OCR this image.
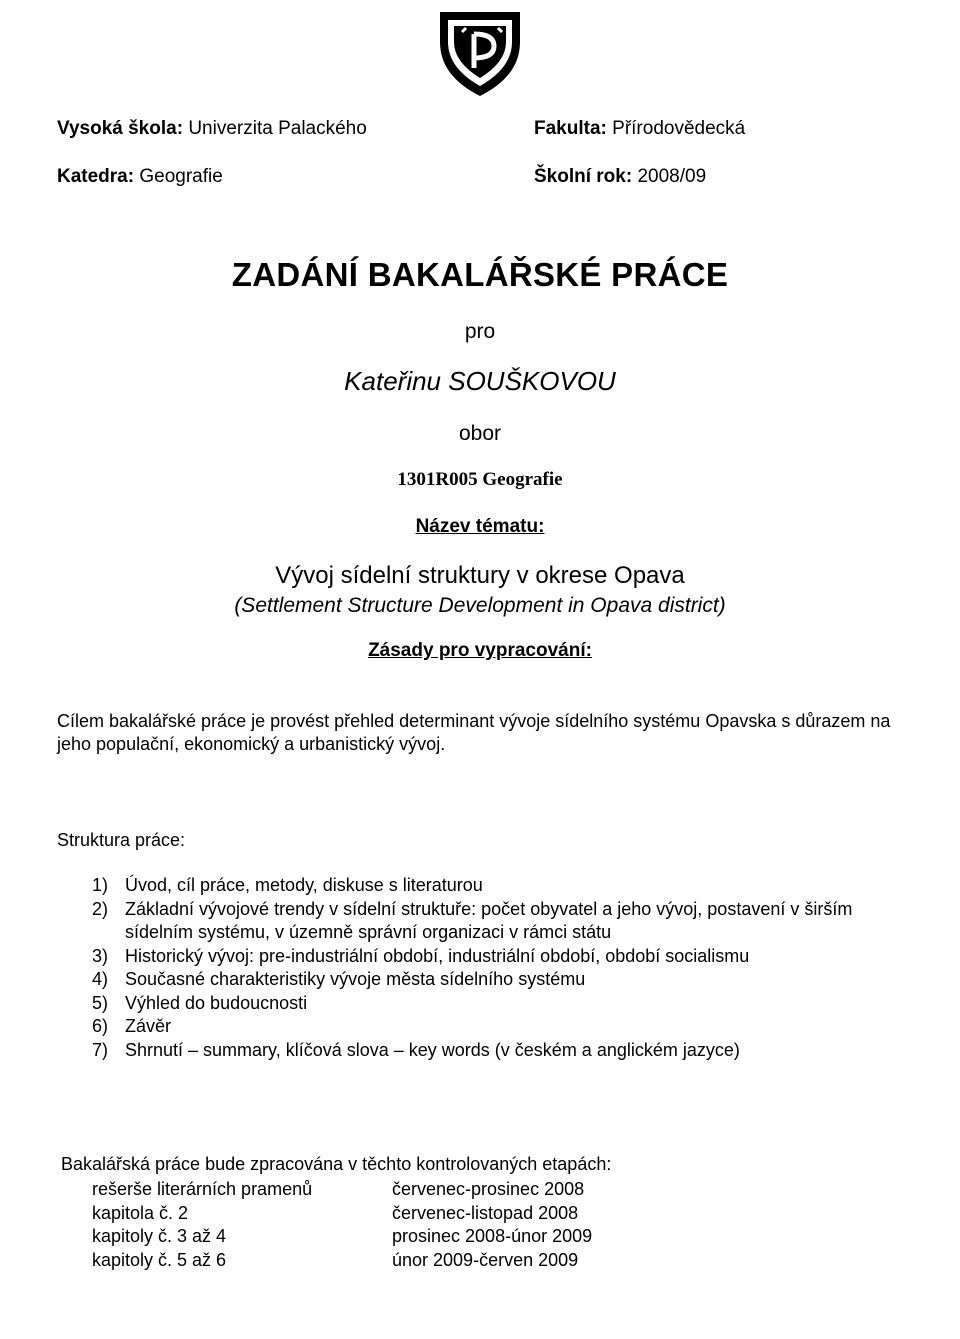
Vysoká škola: Univerzita Palackého	Fakulta: Přírodovědecká
Katedra: Geografie	Školní rok: 2008/09
ZADÁNÍ BAKALÁŘSKÉ PRÁCE
pro
Kateřinu SOUŠKOVOU
obor
1301R005 Geografie
Název tématu:
Vývoj sídelní struktury v okrese Opava
(Settlement Structure Development in Opava district)
Zásady pro vypracování:
Cílem bakalářské práce je provést přehled determinant vývoje sídelního systému Opavska s důrazem na jeho populační, ekonomický a urbanistický vývoj.
Struktura práce:
1) Úvod, cíl práce, metody, diskuse s literaturou
2) Základní vývojové trendy v sídelní struktuře: počet obyvatel a jeho vývoj, postavení v širším sídelním systému, v územně správní organizaci v rámci státu
3) Historický vývoj: pre-industriální období, industriální období, období socialismu
4) Současné charakteristiky vývoje města sídelního systému
5) Výhled do budoucnosti
6) Závěr
7) Shrnutí – summary, klíčová slova – key words (v českém a anglickém jazyce)
Bakalářská práce bude zpracována v těchto kontrolovaných etapách:
rešerše literárních pramenů	červenec-prosinec 2008
kapitola č. 2	červenec-listopad 2008
kapitoly č. 3 až 4	prosinec 2008-únor 2009
kapitoly č. 5 až 6	únor 2009-červen 2009
